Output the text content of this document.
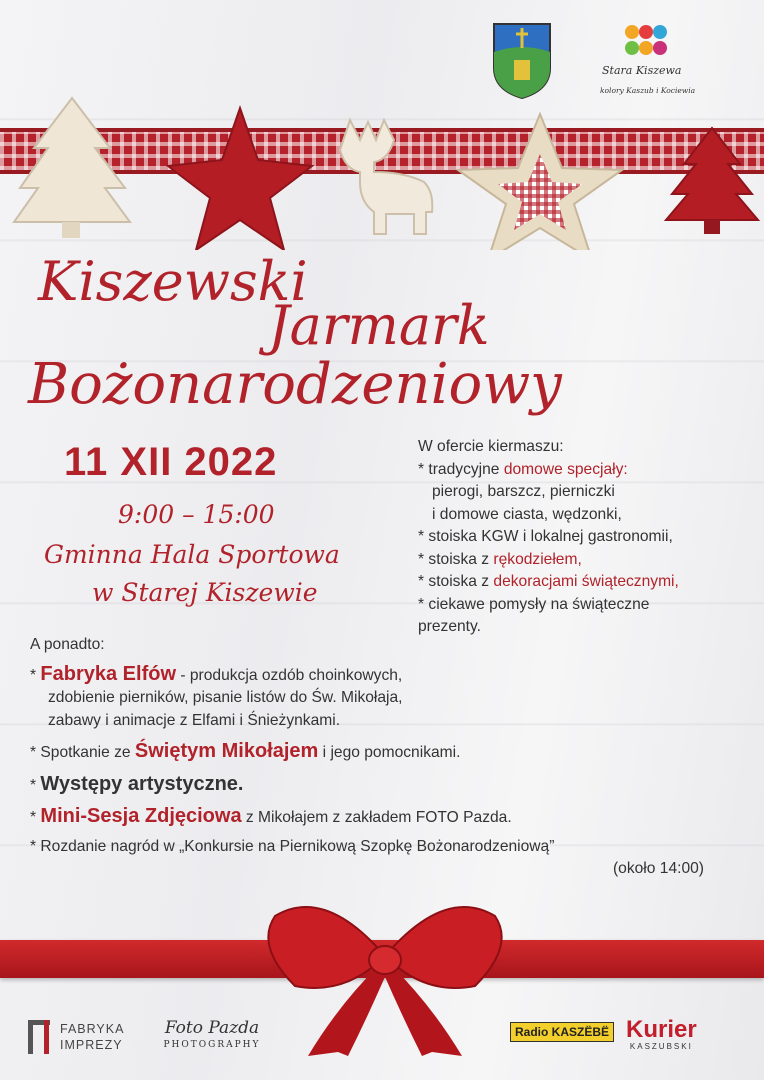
Stara Kiszewa
kolory Kaszub i Kociewia
Kiszewski
Jarmark
Bożonarodzeniowy
11 XII 2022
9:00 – 15:00
Gminna Hala Sportowa
w Starej Kiszewie
W ofercie kiermaszu:
* tradycyjne domowe specjały:
pierogi, barszcz, pierniczki
i domowe ciasta, wędzonki,
* stoiska KGW i lokalnej gastronomii,
* stoiska z rękodziełem,
* stoiska z dekoracjami świątecznymi,
* ciekawe pomysły na świąteczne
prezenty.
A ponadto:
* Fabryka Elfów - produkcja ozdób choinkowych,
zdobienie pierników, pisanie listów do Św. Mikołaja,
zabawy i animacje z Elfami i Śnieżynkami.
* Spotkanie ze Świętym Mikołajem i jego pomocnikami.
* Występy artystyczne.
* Mini-Sesja Zdjęciowa z Mikołajem z zakładem FOTO Pazda.
* Rozdanie nagród w „Konkursie na Piernikową Szopkę Bożonarodzeniową”
(około 14:00)
FABRYKA
IMPREZY
Foto Pazda
PHOTOGRAPHY
Radio KASZËBË Kurier
KASZUBSKI
